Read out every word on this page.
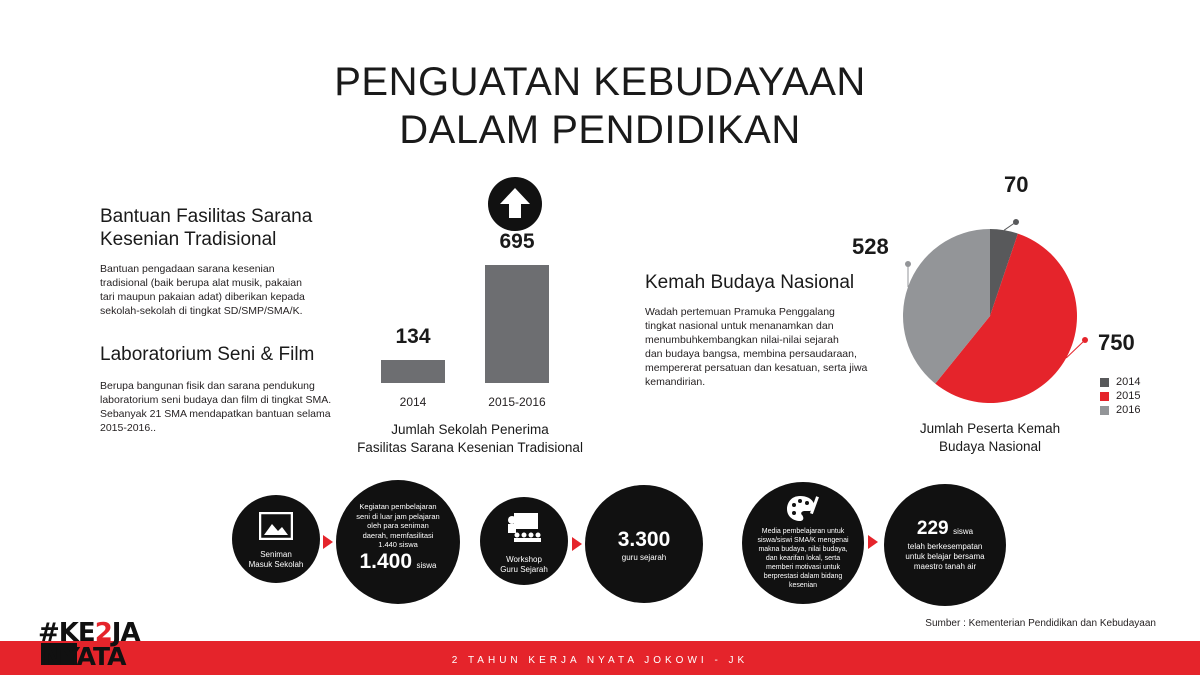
PENGUATAN KEBUDAYAAN
DALAM PENDIDIKAN
Bantuan Fasilitas Sarana
Kesenian Tradisional
Bantuan pengadaan sarana kesenian
tradisional (baik berupa alat musik, pakaian
tari maupun pakaian adat) diberikan kepada
sekolah-sekolah di tingkat SD/SMP/SMA/K.
Laboratorium Seni & Film
Berupa bangunan fisik dan sarana pendukung
laboratorium seni budaya dan film di tingkat SMA.
Sebanyak 21 SMA mendapatkan bantuan selama
2015-2016..
134
2014
695
2015-2016
Jumlah Sekolah Penerima
Fasilitas Sarana Kesenian Tradisional
Kemah Budaya Nasional
Wadah pertemuan Pramuka Penggalang
tingkat nasional untuk menanamkan dan
menumbuhkembangkan nilai-nilai sejarah
dan budaya bangsa, membina persaudaraan,
mempererat persatuan dan kesatuan, serta jiwa
kemandirian.
70
528
750
2014
2015
2016
Jumlah Peserta Kemah
Budaya Nasional
Seniman
Masuk Sekolah
Kegiatan pembelajaran
seni di luar jam pelajaran
oleh para seniman
daerah, memfasilitasi
1.440 siswa
1.400 siswa
Workshop
Guru Sejarah
3.300
guru sejarah
Media pembelajaran untuk
siswa/siswi SMA/K mengenai
makna budaya, nilai budaya,
dan kearifan lokal, serta
memberi motivasi untuk
berprestasi dalam bidang
kesenian
229 siswa
telah berkesempatan
untuk belajar bersama
maestro tanah air
Sumber : Kementerian Pendidikan dan Kebudayaan
2 TAHUN KERJA NYATA JOKOWI - JK
#KE2JA
NYATA
